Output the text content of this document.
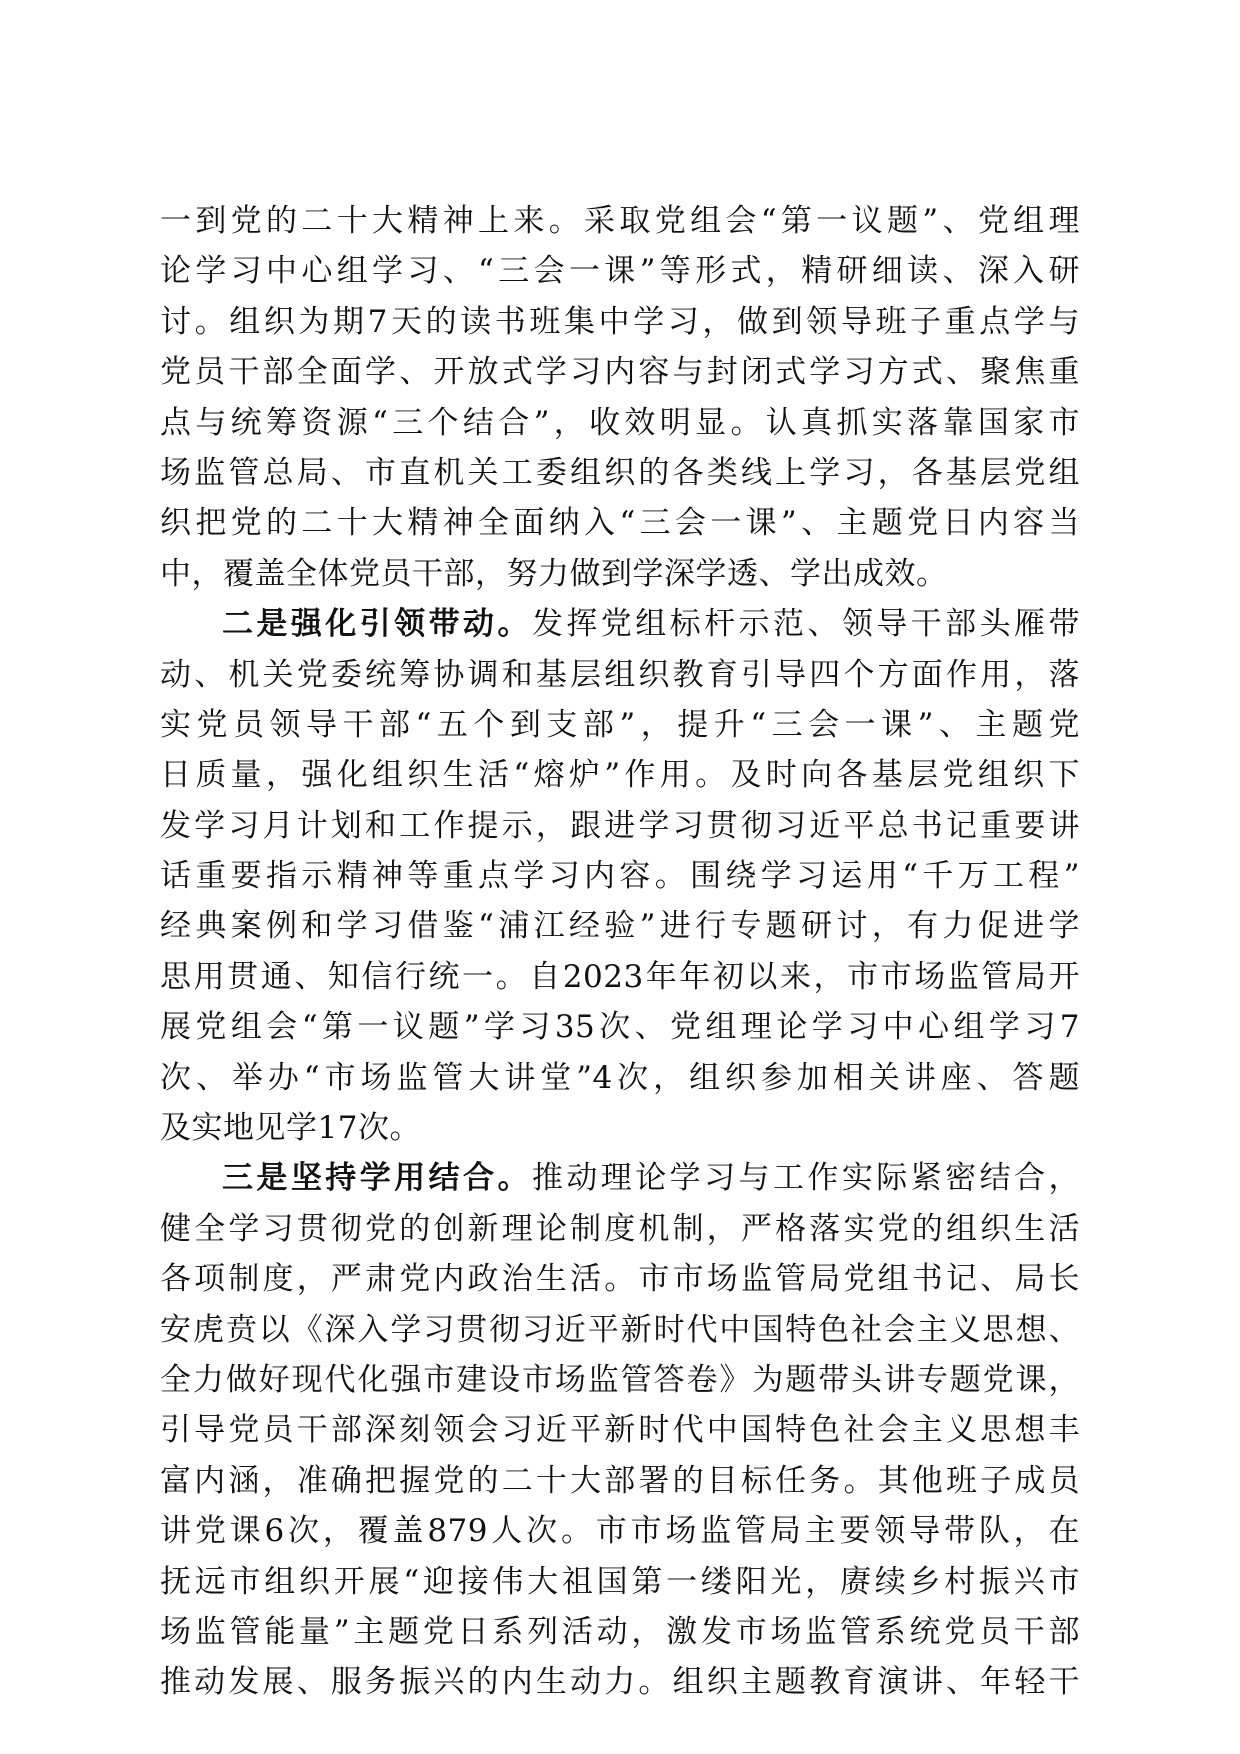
一到党的二十大精神上来。采取党组会“第一议题”、党组理
论学习中心组学习、“三会一课”等形式，精研细读、深入研
讨。组织为期7天的读书班集中学习，做到领导班子重点学与
党员干部全面学、开放式学习内容与封闭式学习方式、聚焦重
点与统筹资源“三个结合”，收效明显。认真抓实落靠国家市
场监管总局、市直机关工委组织的各类线上学习，各基层党组
织把党的二十大精神全面纳入“三会一课”、主题党日内容当
中，覆盖全体党员干部，努力做到学深学透、学出成效。
二是强化引领带动。发挥党组标杆示范、领导干部头雁带
动、机关党委统筹协调和基层组织教育引导四个方面作用，落
实党员领导干部“五个到支部”，提升“三会一课”、主题党
日质量，强化组织生活“熔炉”作用。及时向各基层党组织下
发学习月计划和工作提示，跟进学习贯彻习近平总书记重要讲
话重要指示精神等重点学习内容。围绕学习运用“千万工程”
经典案例和学习借鉴“浦江经验”进行专题研讨，有力促进学
思用贯通、知信行统一。自2023年年初以来，市市场监管局开
展党组会“第一议题”学习35次、党组理论学习中心组学习7
次、举办“市场监管大讲堂”4次，组织参加相关讲座、答题
及实地见学17次。
三是坚持学用结合。推动理论学习与工作实际紧密结合，
健全学习贯彻党的创新理论制度机制，严格落实党的组织生活
各项制度，严肃党内政治生活。市市场监管局党组书记、局长
安虎贲以《深入学习贯彻习近平新时代中国特色社会主义思想、
全力做好现代化强市建设市场监管答卷》为题带头讲专题党课，
引导党员干部深刻领会习近平新时代中国特色社会主义思想丰
富内涵，准确把握党的二十大部署的目标任务。其他班子成员
讲党课6次，覆盖879人次。市市场监管局主要领导带队，在
抚远市组织开展“迎接伟大祖国第一缕阳光，赓续乡村振兴市
场监管能量”主题党日系列活动，激发市场监管系统党员干部
推动发展、服务振兴的内生动力。组织主题教育演讲、年轻干
